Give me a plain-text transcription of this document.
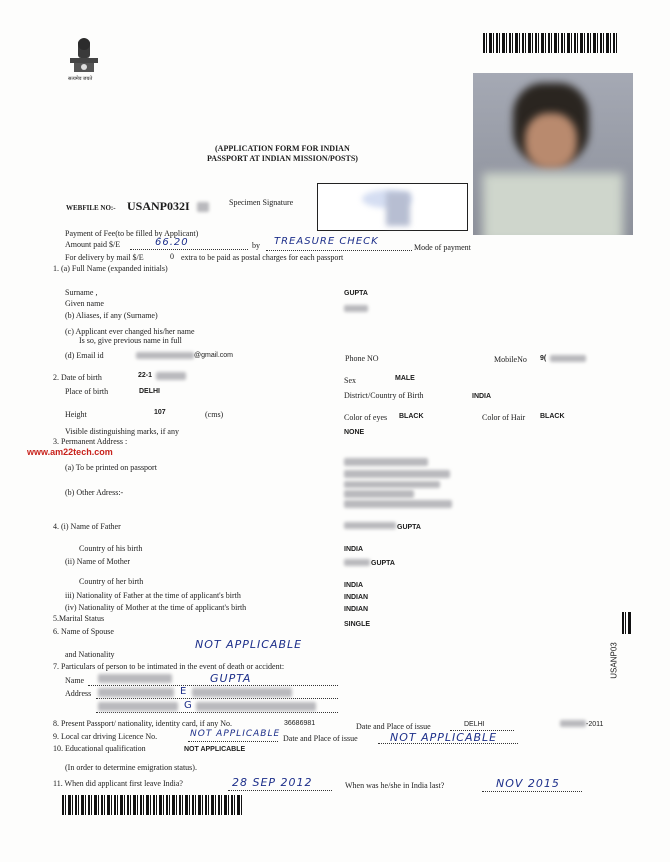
सत्यमेव जयते
(APPLICATION FORM FOR INDIAN
PASSPORT AT INDIAN MISSION/POSTS)
WEBFILE NO:- USANP032I	Specimen Signature
Payment of Fee(to be filled by Applicant)
Amount paid $/E	66.20	by TREASURE CHECK
Mode of payment
For delivery by mail $/E	0 extra to be paid as postal charges for each passport
1. (a) Full Name (expanded initials)
Surname ,	GUPTA
Given name
(b) Aliases, if any (Surname)
(c) Applicant ever changed his/her name
Is so, give previous name in full
(d) Email id	@gmail.com	Phone NO	MobileNo 9(
2. Date of birth	22-1
Sex	MALE
Place of birth	DELHI	District/Country of Birth	INDIA
Height	107	(cms)	Color of eyes BLACK	Color of Hair BLACK
Visible distinguishing marks, if any	NONE
3. Permanent Address :
www.am22tech.com
(a) To be printed on passport
(b) Other Adress:-
4. (i) Name of Father	GUPTA
Country of his birth	INDIA
(ii) Name of Mother	GUPTA
Country of her birth	INDIA
iii) Nationality of Father at the time of applicant's birth	INDIAN
(iv) Nationality of Mother at the time of applicant's birth	INDIAN
5.Marital Status
SINGLE
6. Name of Spouse
NOT APPLICABLE
and Nationality
7. Particulars of person to be intimated in the event of death or accident:
Name	GUPTA
Address	E
G
8. Present Passport/ nationality, identity card, if any No.	36686981	Date and Place of issue	DELHI	-2011
9. Local car driving Licence No.	NOT APPLICABLE Date and Place of issue	NOT APPLICABLE
10. Educational qualification	NOT APPLICABLE
(In order to determine emigration status).
11. When did applicant first leave India?	28 SEP 2012	When was he/she in India last?	NOV 2015
USANP03
